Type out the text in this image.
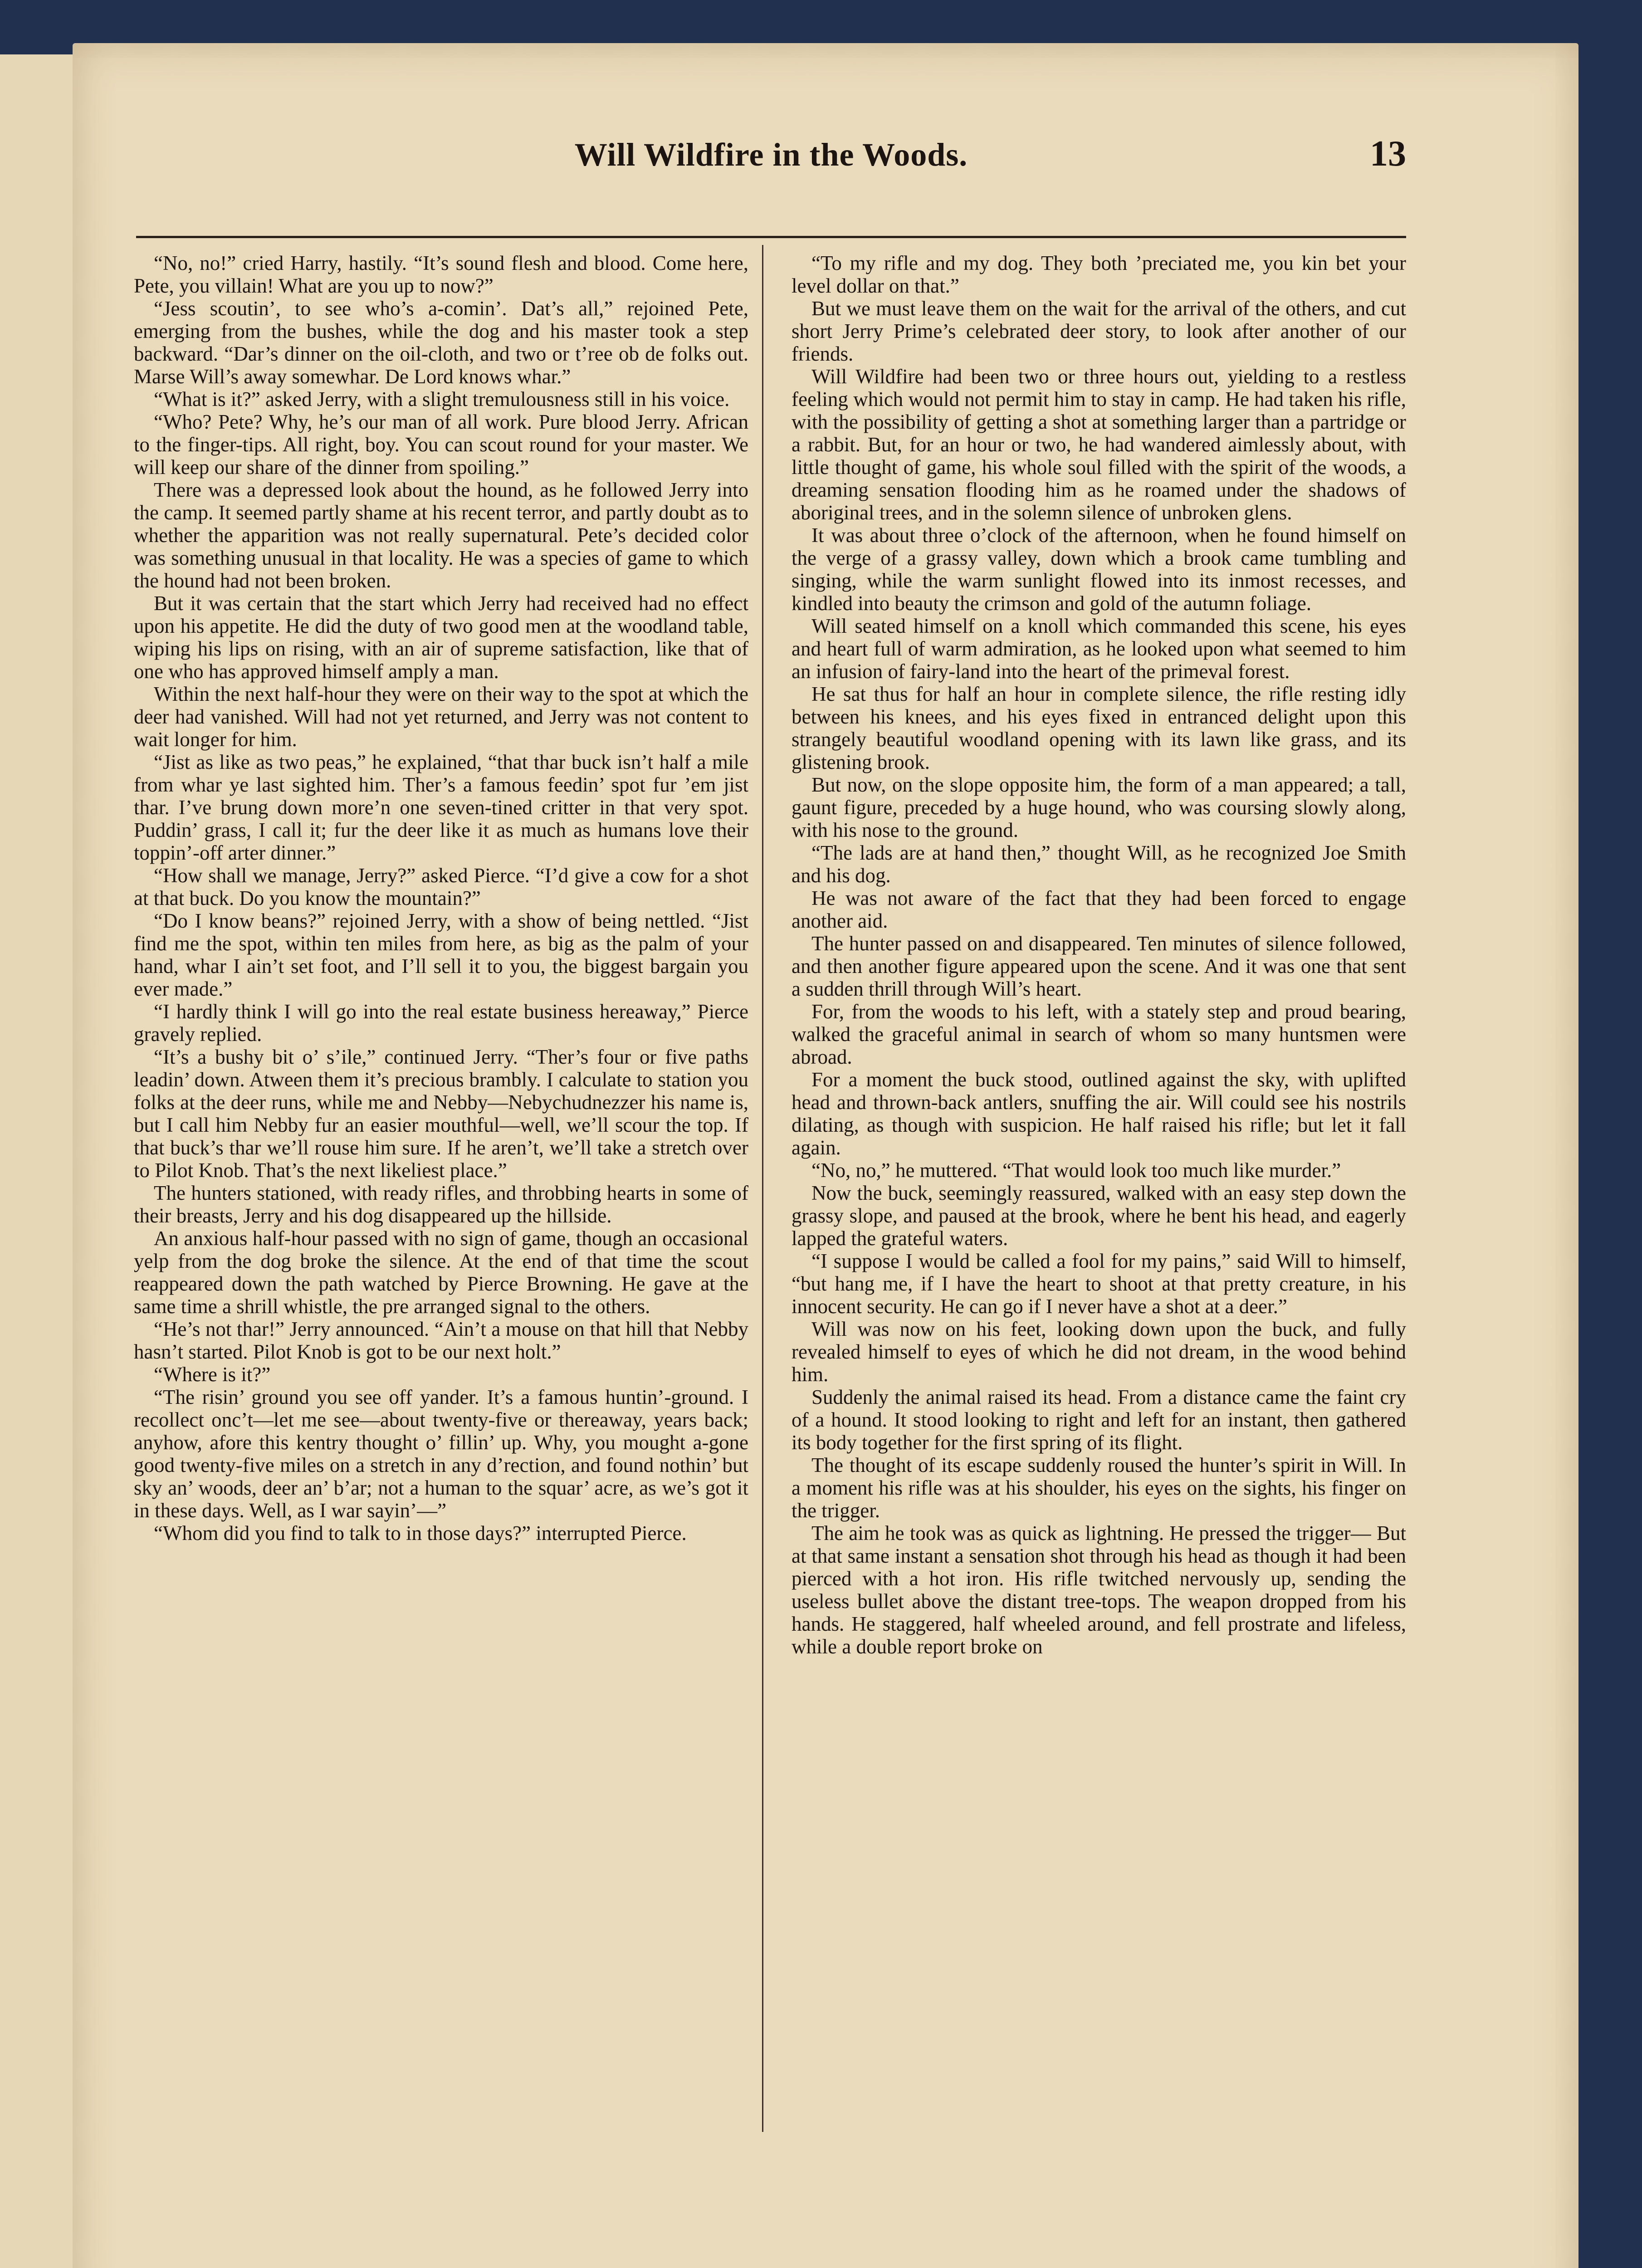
Will Wildfire in the Woods.	13

“No, no!” cried Harry, hastily. “It’s sound flesh and blood. Come here, Pete, you villain! What are you up to now?”

“Jess scoutin’, to see who’s a-comin’. Dat’s all,” rejoined Pete, emerging from the bushes, while the dog and his master took a step backward. “Dar’s dinner on the oil-cloth, and two or t’ree ob de folks out. Marse Will’s away somewhar. De Lord knows whar.”

“What is it?” asked Jerry, with a slight tremulousness still in his voice.

“Who? Pete? Why, he’s our man of all work. Pure blood Jerry. African to the finger-tips. All right, boy. You can scout round for your master. We will keep our share of the dinner from spoiling.”

There was a depressed look about the hound, as he followed Jerry into the camp. It seemed partly shame at his recent terror, and partly doubt as to whether the apparition was not really supernatural. Pete’s decided color was something unusual in that locality. He was a species of game to which the hound had not been broken.

But it was certain that the start which Jerry had received had no effect upon his appetite. He did the duty of two good men at the woodland table, wiping his lips on rising, with an air of supreme satisfaction, like that of one who has approved himself amply a man.

Within the next half-hour they were on their way to the spot at which the deer had vanished. Will had not yet returned, and Jerry was not content to wait longer for him.

“Jist as like as two peas,” he explained, “that thar buck isn’t half a mile from whar ye last sighted him. Ther’s a famous feedin’ spot fur ’em jist thar. I’ve brung down more’n one seven-tined critter in that very spot. Puddin’ grass, I call it; fur the deer like it as much as humans love their toppin’-off arter dinner.”

“How shall we manage, Jerry?” asked Pierce. “I’d give a cow for a shot at that buck. Do you know the mountain?”

“Do I know beans?” rejoined Jerry, with a show of being nettled. “Jist find me the spot, within ten miles from here, as big as the palm of your hand, whar I ain’t set foot, and I’ll sell it to you, the biggest bargain you ever made.”

“I hardly think I will go into the real estate business hereaway,” Pierce gravely replied.

“It’s a bushy bit o’ s’ile,” continued Jerry. “Ther’s four or five paths leadin’ down. Atween them it’s precious brambly. I calculate to station you folks at the deer runs, while me and Nebby—Nebychudnezzer his name is, but I call him Nebby fur an easier mouthful—well, we’ll scour the top. If that buck’s thar we’ll rouse him sure. If he aren’t, we’ll take a stretch over to Pilot Knob. That’s the next likeliest place.”

The hunters stationed, with ready rifles, and throbbing hearts in some of their breasts, Jerry and his dog disappeared up the hillside.

An anxious half-hour passed with no sign of game, though an occasional yelp from the dog broke the silence. At the end of that time the scout reappeared down the path watched by Pierce Browning. He gave at the same time a shrill whistle, the pre arranged signal to the others.

“He’s not thar!” Jerry announced. “Ain’t a mouse on that hill that Nebby hasn’t started. Pilot Knob is got to be our next holt.”

“Where is it?”

“The risin’ ground you see off yander. It’s a famous huntin’-ground. I recollect onc’t—let me see—about twenty-five or thereaway, years back; anyhow, afore this kentry thought o’ fillin’ up. Why, you mought a-gone good twenty-five miles on a stretch in any d’rection, and found nothin’ but sky an’ woods, deer an’ b’ar; not a human to the squar’ acre, as we’s got it in these days. Well, as I war sayin’—”

“Whom did you find to talk to in those days?” interrupted Pierce.

“To my rifle and my dog. They both ’preciated me, you kin bet your level dollar on that.”

But we must leave them on the wait for the arrival of the others, and cut short Jerry Prime’s celebrated deer story, to look after another of our friends.

Will Wildfire had been two or three hours out, yielding to a restless feeling which would not permit him to stay in camp. He had taken his rifle, with the possibility of getting a shot at something larger than a partridge or a rabbit. But, for an hour or two, he had wandered aimlessly about, with little thought of game, his whole soul filled with the spirit of the woods, a dreaming sensation flooding him as he roamed under the shadows of aboriginal trees, and in the solemn silence of unbroken glens.

It was about three o’clock of the afternoon, when he found himself on the verge of a grassy valley, down which a brook came tumbling and singing, while the warm sunlight flowed into its inmost recesses, and kindled into beauty the crimson and gold of the autumn foliage.

Will seated himself on a knoll which commanded this scene, his eyes and heart full of warm admiration, as he looked upon what seemed to him an infusion of fairy-land into the heart of the primeval forest.

He sat thus for half an hour in complete silence, the rifle resting idly between his knees, and his eyes fixed in entranced delight upon this strangely beautiful woodland opening with its lawn like grass, and its glistening brook.

But now, on the slope opposite him, the form of a man appeared; a tall, gaunt figure, preceded by a huge hound, who was coursing slowly along, with his nose to the ground.

“The lads are at hand then,” thought Will, as he recognized Joe Smith and his dog.

He was not aware of the fact that they had been forced to engage another aid.

The hunter passed on and disappeared. Ten minutes of silence followed, and then another figure appeared upon the scene. And it was one that sent a sudden thrill through Will’s heart.

For, from the woods to his left, with a stately step and proud bearing, walked the graceful animal in search of whom so many huntsmen were abroad.

For a moment the buck stood, outlined against the sky, with uplifted head and thrown-back antlers, snuffing the air. Will could see his nostrils dilating, as though with suspicion. He half raised his rifle; but let it fall again.

“No, no,” he muttered. “That would look too much like murder.”

Now the buck, seemingly reassured, walked with an easy step down the grassy slope, and paused at the brook, where he bent his head, and eagerly lapped the grateful waters.

“I suppose I would be called a fool for my pains,” said Will to himself, “but hang me, if I have the heart to shoot at that pretty creature, in his innocent security. He can go if I never have a shot at a deer.”

Will was now on his feet, looking down upon the buck, and fully revealed himself to eyes of which he did not dream, in the wood behind him.

Suddenly the animal raised its head. From a distance came the faint cry of a hound. It stood looking to right and left for an instant, then gathered its body together for the first spring of its flight.

The thought of its escape suddenly roused the hunter’s spirit in Will. In a moment his rifle was at his shoulder, his eyes on the sights, his finger on the trigger.

The aim he took was as quick as lightning. He pressed the trigger— But at that same instant a sensation shot through his head as though it had been pierced with a hot iron. His rifle twitched nervously up, sending the useless bullet above the distant tree-tops. The weapon dropped from his hands. He staggered, half wheeled around, and fell prostrate and lifeless, while a double report broke on
